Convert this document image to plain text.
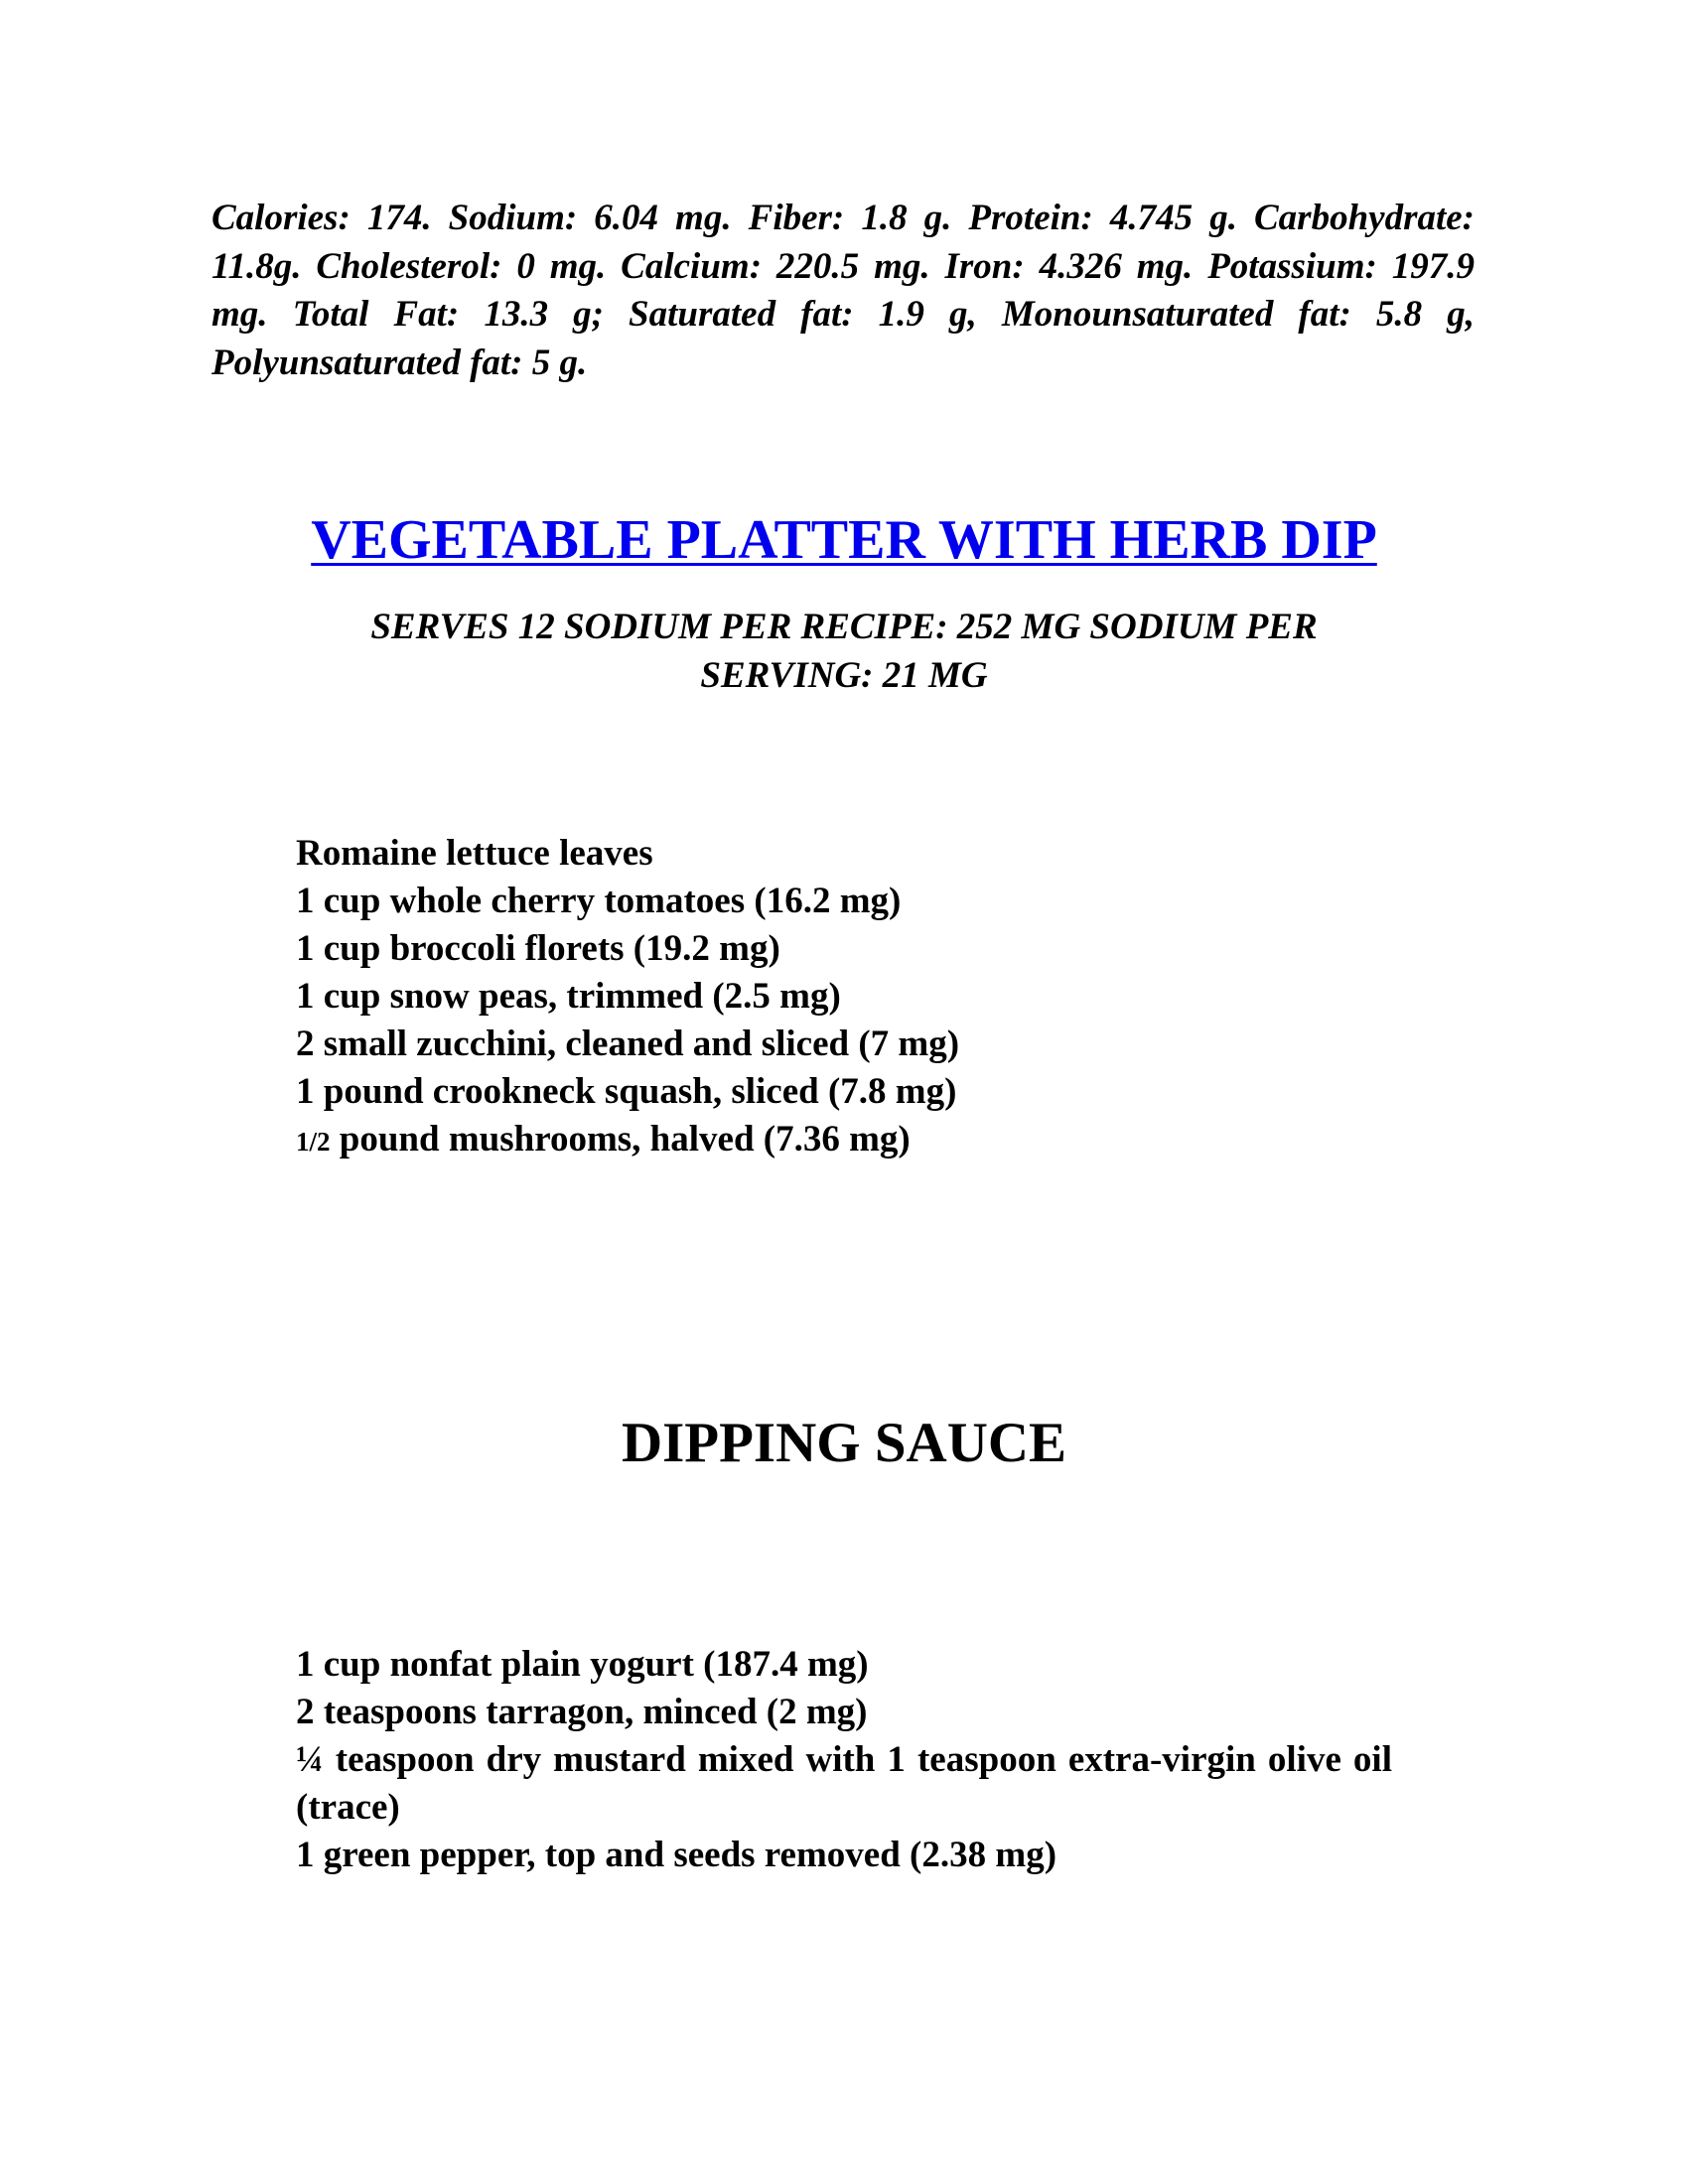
Calories: 174. Sodium: 6.04 mg. Fiber: 1.8 g. Protein: 4.745 g. Carbohydrate: 11.8g. Cholesterol: 0 mg. Calcium: 220.5 mg. Iron: 4.326 mg. Potassium: 197.9 mg. Total Fat: 13.3 g; Saturated fat: 1.9 g, Monounsaturated fat: 5.8 g, Polyunsaturated fat: 5 g.

VEGETABLE PLATTER WITH HERB DIP

SERVES 12 SODIUM PER RECIPE: 252 MG SODIUM PER SERVING: 21 MG

Romaine lettuce leaves
1 cup whole cherry tomatoes (16.2 mg)
1 cup broccoli florets (19.2 mg)
1 cup snow peas, trimmed (2.5 mg)
2 small zucchini, cleaned and sliced (7 mg)
1 pound crookneck squash, sliced (7.8 mg)
1/2 pound mushrooms, halved (7.36 mg)
DIPPING SAUCE
1 cup nonfat plain yogurt (187.4 mg)
2 teaspoons tarragon, minced (2 mg)
¼ teaspoon dry mustard mixed with 1 teaspoon extra-virgin olive oil (trace)
1 green pepper, top and seeds removed (2.38 mg)
